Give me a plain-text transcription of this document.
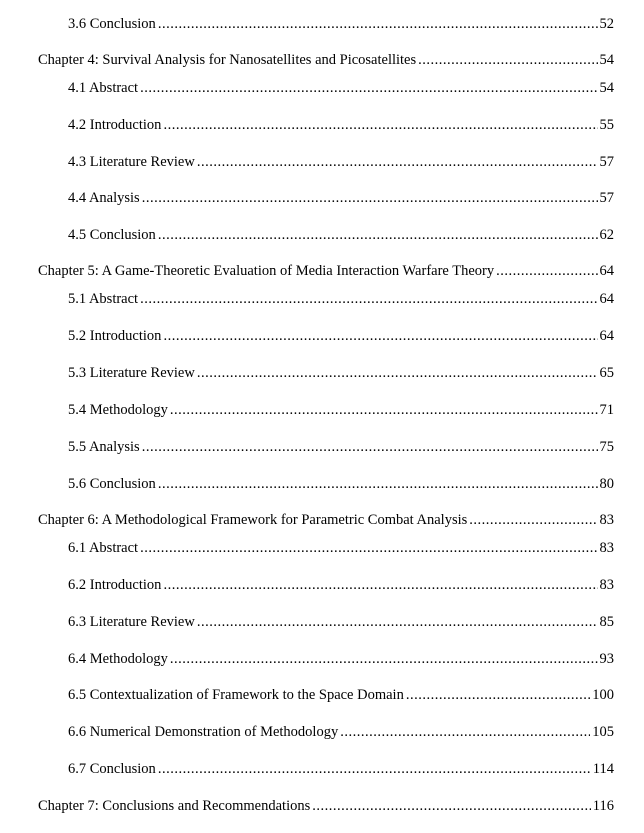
3.6 Conclusion .....	52
Chapter 4: Survival Analysis for Nanosatellites and Picosatellites .....	54
4.1 Abstract .....	54
4.2 Introduction .....	55
4.3 Literature Review .....	57
4.4 Analysis .....	57
4.5 Conclusion .....	62
Chapter 5: A Game-Theoretic Evaluation of Media Interaction Warfare Theory .....	64
5.1 Abstract .....	64
5.2 Introduction .....	64
5.3 Literature Review .....	65
5.4 Methodology .....	71
5.5 Analysis .....	75
5.6 Conclusion .....	80
Chapter 6: A Methodological Framework for Parametric Combat Analysis .....	83
6.1 Abstract .....	83
6.2 Introduction .....	83
6.3 Literature Review .....	85
6.4 Methodology .....	93
6.5 Contextualization of Framework to the Space Domain .....	100
6.6 Numerical Demonstration of Methodology .....	105
6.7 Conclusion .....	114
Chapter 7: Conclusions and Recommendations .....	116
